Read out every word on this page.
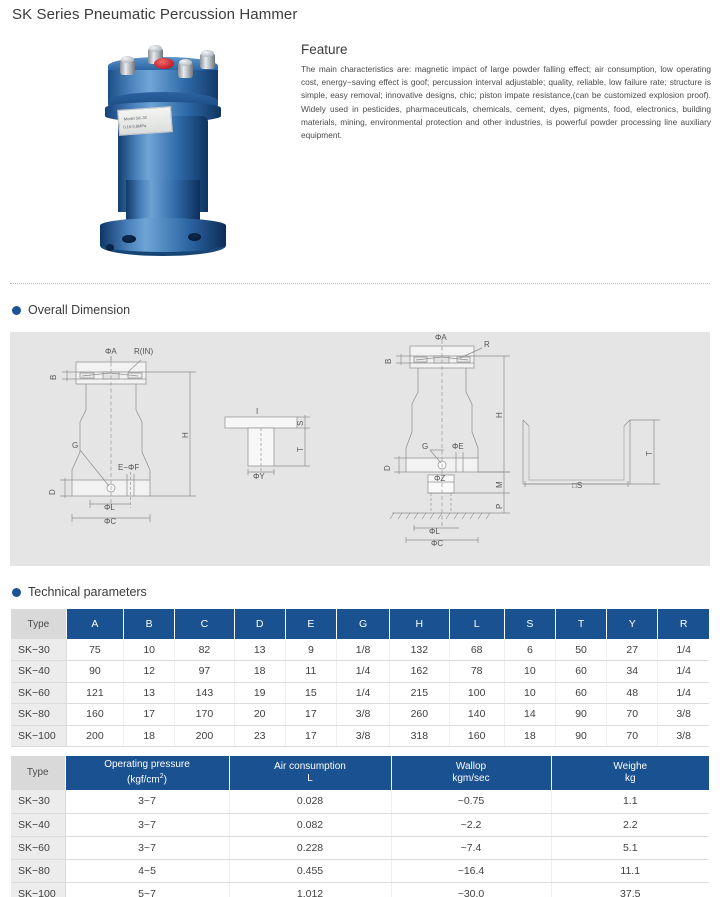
SK Series Pneumatic Percussion Hammer
Model SK-30
0.15-0.8MPa
Feature

The main characteristics are: magnetic impact of large powder falling effect; air consumption, low operating cost, energy−saving effect is goof; percussion interval adjustable; quality, reliable, low failure rate; structure is simple, easy removal; innovative designs, chic; piston impate resistance,(can be customized explosion proof). Widely used in pesticides, pharmaceuticals, chemicals, cement, dyes, pigments, food, electronics, building materials, mining, environmental protection and other industries, is powerful powder processing line auxiliary equipment.

Overall Dimension
ΦA R(IN)
B
H
G
E−ΦF
D
ΦL
ΦC
I
S
T
ΦY
ΦA
R
B
H
G	ΦE
D
ΦZ
M
P
ΦL
ΦC
□S
T
Technical parameters
Type	A	B	C	D	E	G	H	L	S	T	Y	R
SK−30	75	10	82	13	9	1/8	132	68	6	50	27	1/4
SK−40	90	12	97	18	11	1/4	162	78	10	60	34	1/4
SK−60	121	13	143	19	15	1/4	215	100	10	60	48	1/4
SK−80	160	17	170	20	17	3/8	260	140	14	90	70	3/8
SK−100	200	18	200	23	17	3/8	318	160	18	90	70	3/8
Type

Operating pressure
$(kgf/cm^2)$

Air consumption
L

Wallop
kgm/sec

Weighe
kg

SK−30	3~7	0.028	~0.75	1.1
SK−40	3~7	0.082	~2.2	2.2
SK−60	3~7	0.228	~7.4	5.1
SK−80	4~5	0.455	~16.4	11.1
SK−100	5~7	1.012	~30.0	37.5
